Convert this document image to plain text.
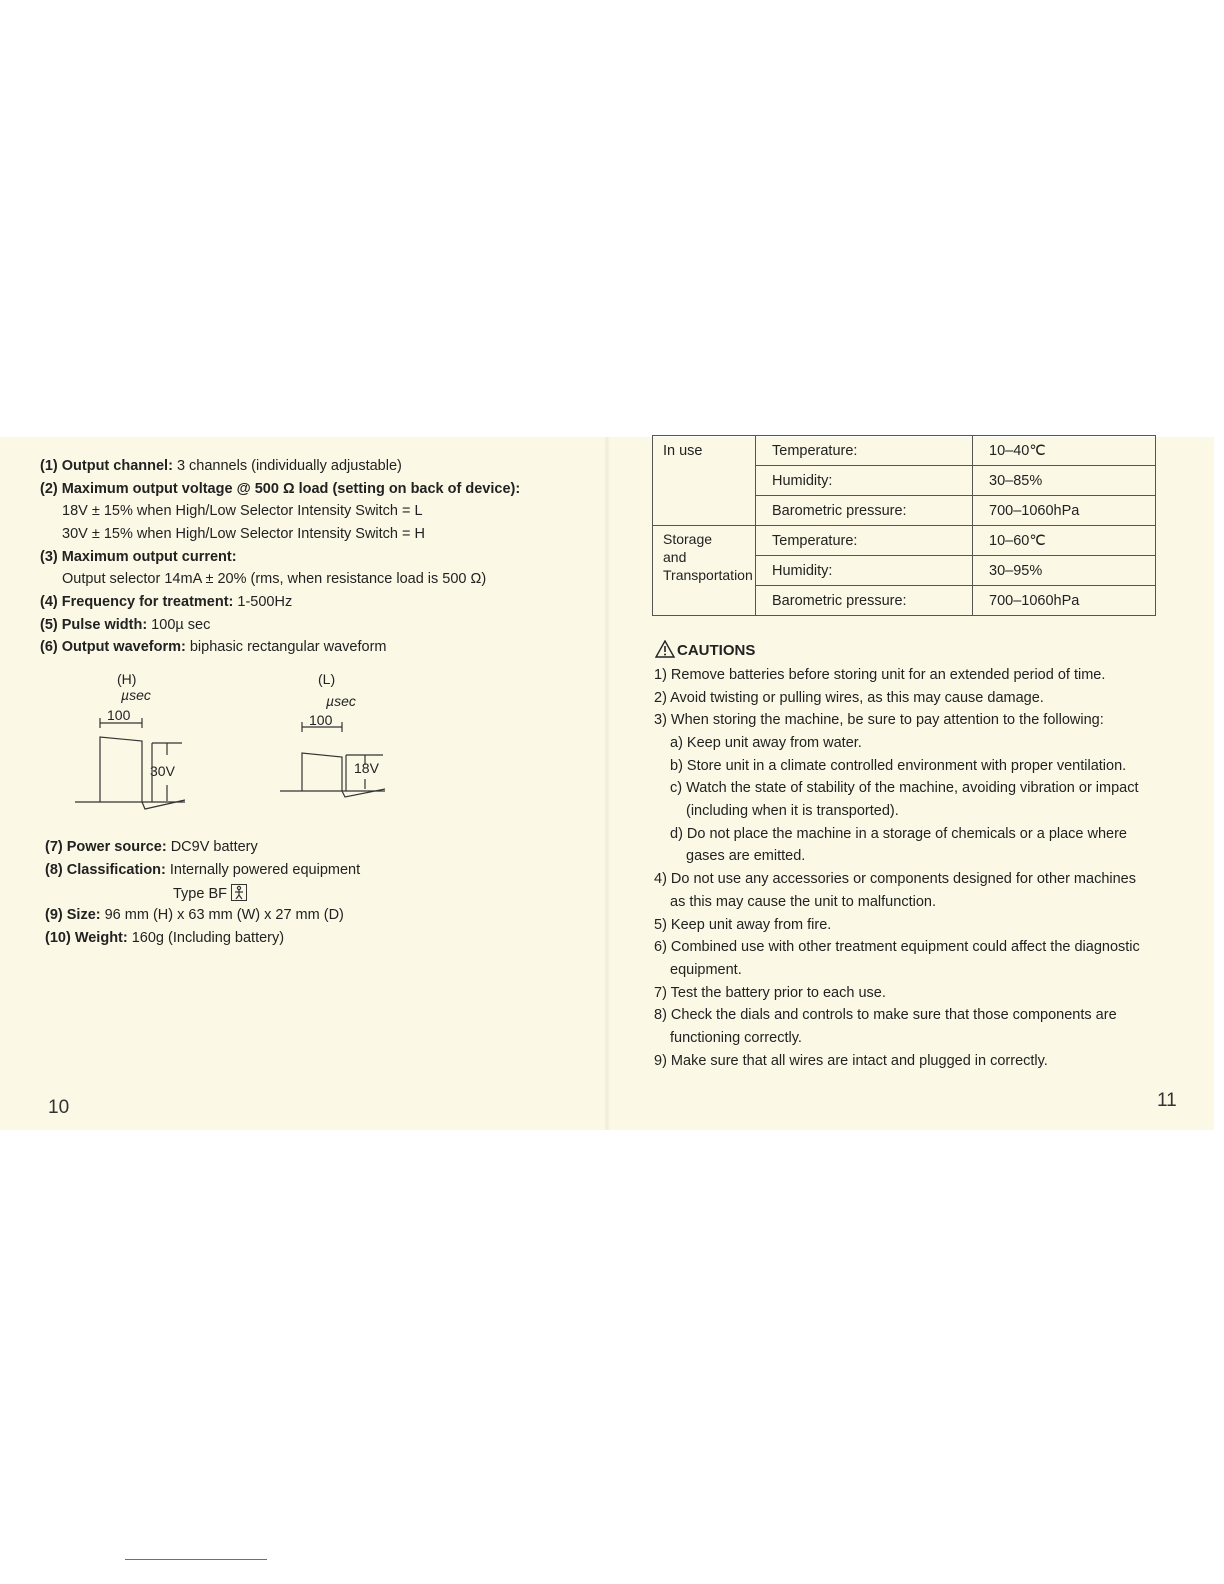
(1) Output channel: 3 channels (individually adjustable)
(2) Maximum output voltage @ 500 Ω load (setting on back of device):
18V ± 15% when High/Low Selector Intensity Switch = L
30V ± 15% when High/Low Selector Intensity Switch = H
(3) Maximum output current:
Output selector 14mA ± 20% (rms, when resistance load is 500 Ω)
(4) Frequency for treatment: 1-500Hz
(5) Pulse width: 100µ sec
(6) Output waveform: biphasic rectangular waveform
(H)
µsec
100
30V
(L)
µsec
100
18V
(7) Power source: DC9V battery
(8) Classification: Internally powered equipment
Type BF
(9) Size: 96 mm (H) x 63 mm (W) x 27 mm (D)
(10) Weight: 160g (Including battery)
10
In use	Temperature:	10–40℃
	Humidity:	30–85%
	Barometric pressure:	700–1060hPa

Storage
and
Transportation	Temperature:	10–60℃
	Humidity:	30–95%
	Barometric pressure:	700–1060hPa
CAUTIONS
1) Remove batteries before storing unit for an extended period of time.
2) Avoid twisting or pulling wires, as this may cause damage.
3) When storing the machine, be sure to pay attention to the following:
a) Keep unit away from water.
b) Store unit in a climate controlled environment with proper ventilation.
c) Watch the state of stability of the machine, avoiding vibration or impact
(including when it is transported).
d) Do not place the machine in a storage of chemicals or a place where
gases are emitted.
4) Do not use any accessories or components designed for other machines
as this may cause the unit to malfunction.
5) Keep unit away from fire.
6) Combined use with other treatment equipment could affect the diagnostic
equipment.
7) Test the battery prior to each use.
8) Check the dials and controls to make sure that those components are
functioning correctly.
9) Make sure that all wires are intact and plugged in correctly.
11
